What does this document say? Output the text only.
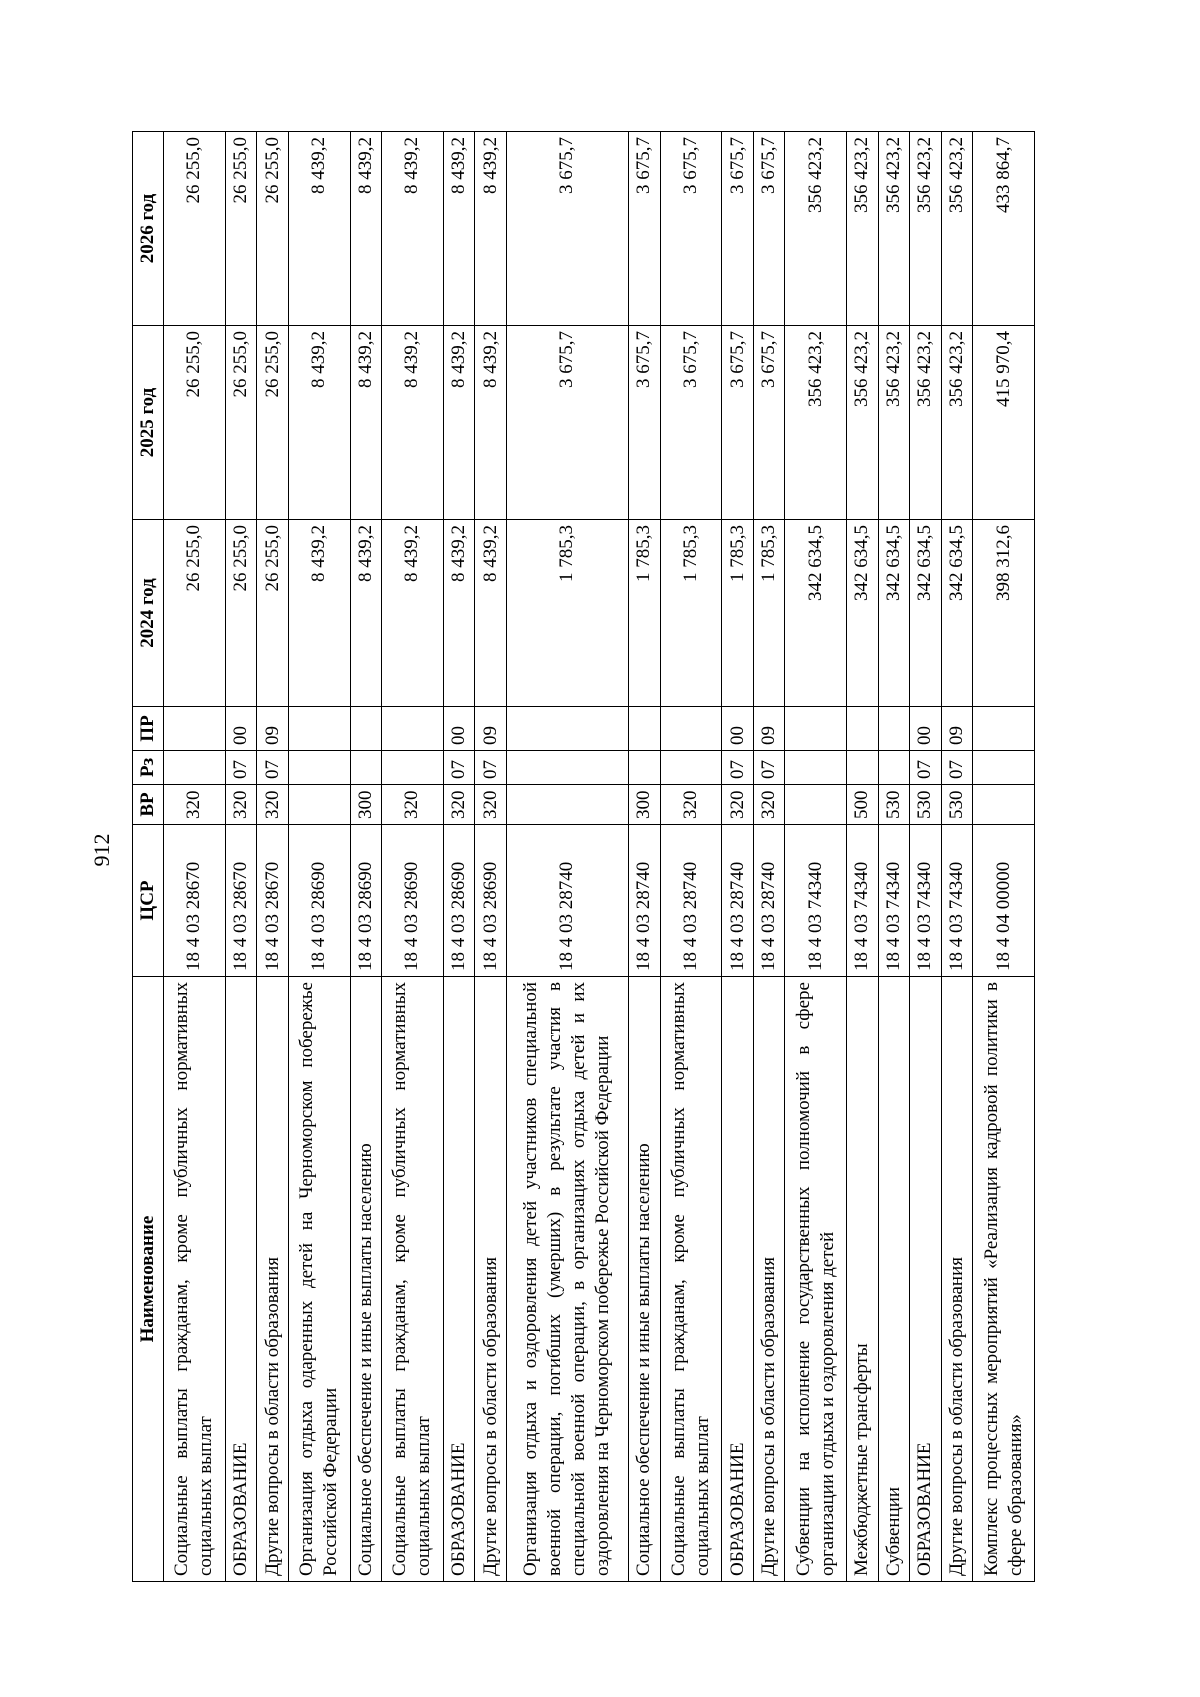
912
Наименование	ЦСР	ВР	Рз	ПР	2024 год	2025 год	2026 год
Социальные выплаты гражданам, кроме публичных нормативных социальных выплат	18 4 03 28670	320			26 255,0	26 255,0	26 255,0
ОБРАЗОВАНИЕ	18 4 03 28670	320	07	00	26 255,0	26 255,0	26 255,0
Другие вопросы в области образования	18 4 03 28670	320	07	09	26 255,0	26 255,0	26 255,0
Организация отдыха одаренных детей на Черноморском побережье Российской Федерации	18 4 03 28690				8 439,2	8 439,2	8 439,2
Социальное обеспечение и иные выплаты населению	18 4 03 28690	300			8 439,2	8 439,2	8 439,2
Социальные выплаты гражданам, кроме публичных нормативных социальных выплат	18 4 03 28690	320			8 439,2	8 439,2	8 439,2
ОБРАЗОВАНИЕ	18 4 03 28690	320	07	00	8 439,2	8 439,2	8 439,2
Другие вопросы в области образования	18 4 03 28690	320	07	09	8 439,2	8 439,2	8 439,2
Организация отдыха и оздоровления детей участников специальной военной операции, погибших (умерших) в результате участия в специальной военной операции, в организациях отдыха детей и их оздоровления на Черноморском побережье Российской Федерации	18 4 03 28740				1 785,3	3 675,7	3 675,7
Социальное обеспечение и иные выплаты населению	18 4 03 28740	300			1 785,3	3 675,7	3 675,7
Социальные выплаты гражданам, кроме публичных нормативных социальных выплат	18 4 03 28740	320			1 785,3	3 675,7	3 675,7
ОБРАЗОВАНИЕ	18 4 03 28740	320	07	00	1 785,3	3 675,7	3 675,7
Другие вопросы в области образования	18 4 03 28740	320	07	09	1 785,3	3 675,7	3 675,7
Субвенции на исполнение государственных полномочий в сфере организации отдыха и оздоровления детей	18 4 03 74340				342 634,5	356 423,2	356 423,2
Межбюджетные трансферты	18 4 03 74340	500			342 634,5	356 423,2	356 423,2
Субвенции	18 4 03 74340	530			342 634,5	356 423,2	356 423,2
ОБРАЗОВАНИЕ	18 4 03 74340	530	07	00	342 634,5	356 423,2	356 423,2
Другие вопросы в области образования	18 4 03 74340	530	07	09	342 634,5	356 423,2	356 423,2
Комплекс процессных мероприятий «Реализация кадровой политики в сфере образования»	18 4 04 00000				398 312,6	415 970,4	433 864,7
